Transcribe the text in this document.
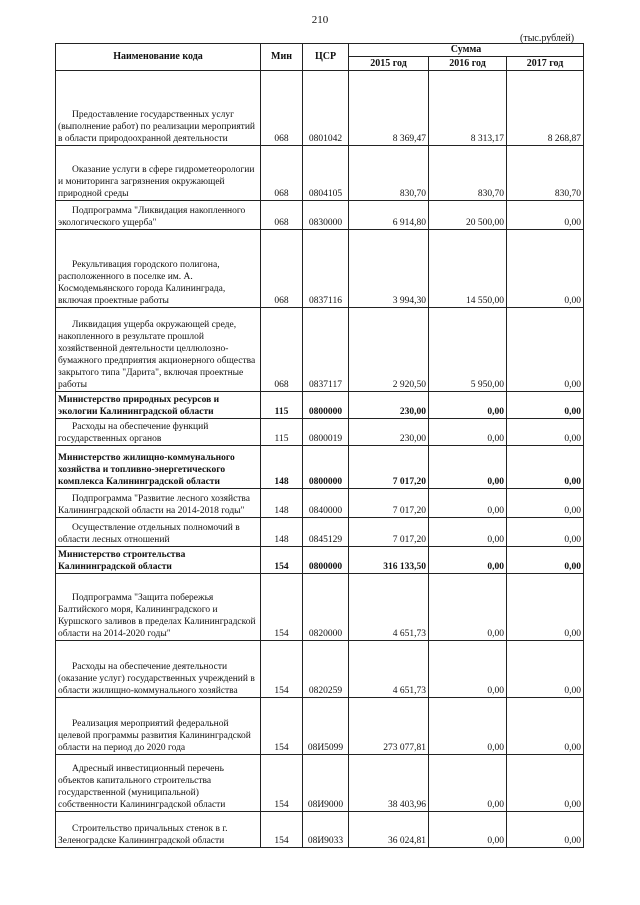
210
(тыс.рублей)
Наименование кода	Мин	ЦСР	Сумма		
			2015 год	2016 год	2017 год

Предоставление государственных услуг (выполнение работ) по реализации мероприятий в области природоохранной деятельности	068	0801042	8 369,47	8 313,17	8 268,87

Оказание услуги в сфере гидрометеорологии и мониторинга загрязнения окружающей природной среды	068	0804105	830,70	830,70	830,70

Подпрограмма "Ликвидация накопленного экологического ущерба"	068	0830000	6 914,80	20 500,00	0,00

Рекультивация городского полигона, расположенного в поселке им. А. Космодемьянского города Калининграда, включая проектные работы	068	0837116	3 994,30	14 550,00	0,00

Ликвидация ущерба окружающей среде, накопленного в результате прошлой хозяйственной деятельности целлюлозно-бумажного предприятия акционерного общества закрытого типа "Дарита", включая проектные работы	068	0837117	2 920,50	5 950,00	0,00

Министерство природных ресурсов и экологии Калининградской области	115	0800000	230,00	0,00	0,00

Расходы на обеспечение функций государственных органов	115	0800019	230,00	0,00	0,00

Министерство жилищно-коммунального хозяйства и топливно-энергетического комплекса Калининградской области	148	0800000	7 017,20	0,00	0,00

Подпрограмма "Развитие лесного хозяйства Калининградской области на 2014-2018 годы"	148	0840000	7 017,20	0,00	0,00

Осуществление отдельных полномочий в области лесных отношений	148	0845129	7 017,20	0,00	0,00

Министерство строительства Калининградской области	154	0800000	316 133,50	0,00	0,00

Подпрограмма "Защита побережья Балтийского моря, Калининградского и Куршского заливов в пределах Калининградской области на 2014-2020 годы"	154	0820000	4 651,73	0,00	0,00

Расходы на обеспечение деятельности (оказание услуг) государственных учреждений в области жилищно-коммунального хозяйства	154	0820259	4 651,73	0,00	0,00

Реализация мероприятий федеральной целевой программы развития Калининградской области на период до 2020 года	154	08И5099	273 077,81	0,00	0,00

Адресный инвестиционный перечень объектов капитального строительства государственной (муниципальной) собственности Калининградской области	154	08И9000	38 403,96	0,00	0,00

Строительство причальных стенок в г. Зеленоградске Калининградской области	154	08И9033	36 024,81	0,00	0,00
